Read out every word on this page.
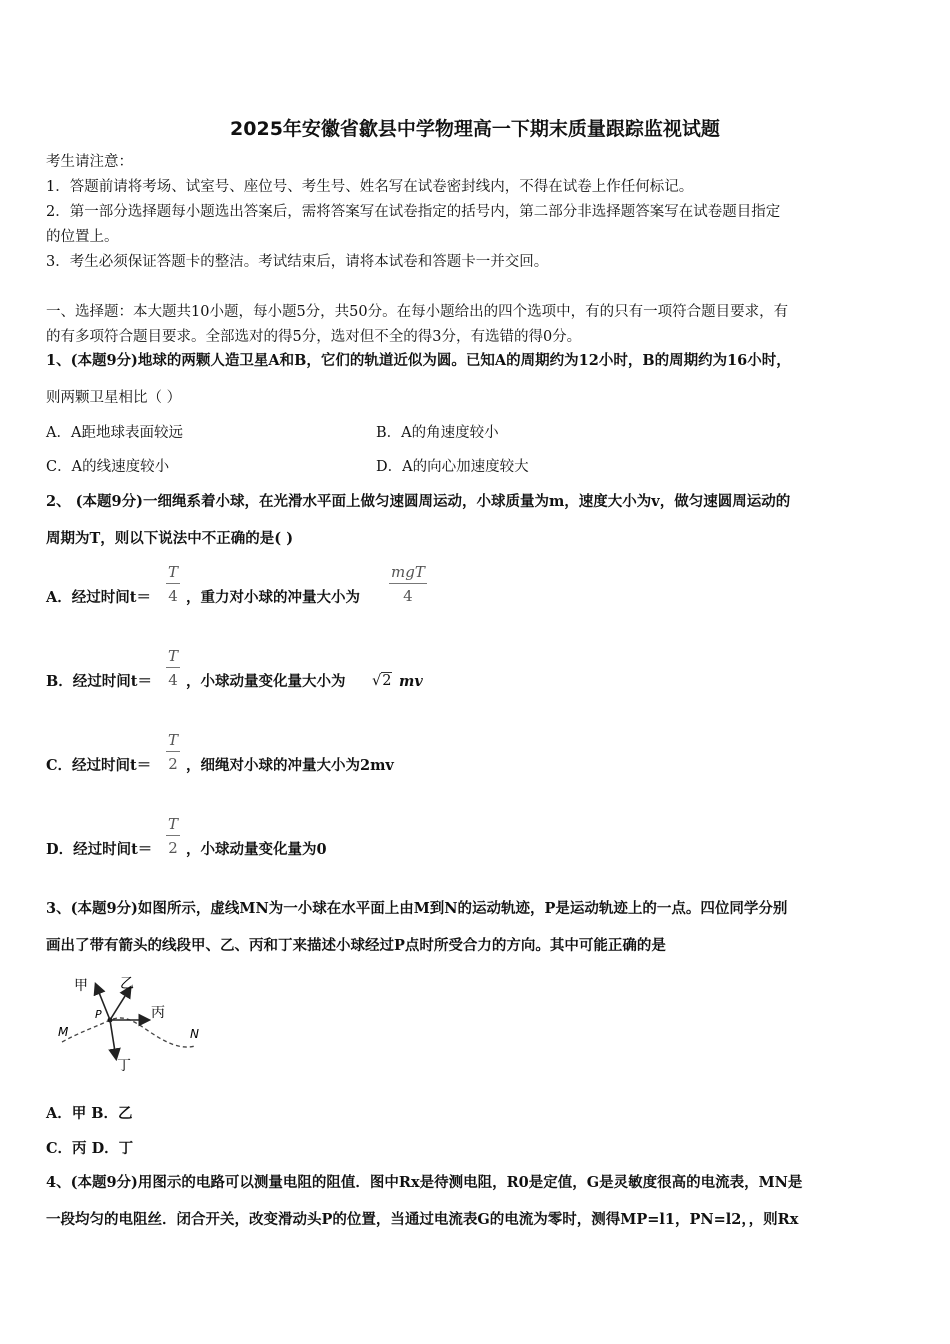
2025年安徽省歙县中学物理高一下期末质量跟踪监视试题
考生请注意：
1．答题前请将考场、试室号、座位号、考生号、姓名写在试卷密封线内，不得在试卷上作任何标记。
2．第一部分选择题每小题选出答案后，需将答案写在试卷指定的括号内，第二部分非选择题答案写在试卷题目指定
的位置上。
3．考生必须保证答题卡的整洁。考试结束后，请将本试卷和答题卡一并交回。
一、选择题：本大题共10小题，每小题5分，共50分。在每小题给出的四个选项中，有的只有一项符合题目要求，有
的有多项符合题目要求。全部选对的得5分，选对但不全的得3分，有选错的得0分。
1、(本题9分)地球的两颗人造卫星A和B，它们的轨道近似为圆。已知A的周期约为12小时，B的周期约为16小时，
则两颗卫星相比（ ）
A．A距地球表面较远	B．A的角速度较小
C．A的线速度较小	D．A的向心加速度较大
2、 (本题9分)一细绳系着小球，在光滑水平面上做匀速圆周运动，小球质量为m，速度大小为v，做匀速圆周运动的
周期为T，则以下说法中不正确的是( )
A．经过时间$t= \frac{T}{4}$ ，重力对小球的冲量大小为
mgT
4
B．经过时间$t= \frac{T}{4}$ ，小球动量变化量大小为 √2 mv
C．经过时间$t= \frac{T}{2}$ ，细绳对小球的冲量大小为2mv
D．经过时间$t= \frac{T}{2}$ ，小球动量变化量为0
3、(本题9分)如图所示，虚线MN为一小球在水平面上由M到N的运动轨迹，P是运动轨迹上的一点。四位同学分别
画出了带有箭头的线段甲、乙、丙和丁来描述小球经过P点时所受合力的方向。其中可能正确的是
甲 乙
丙
丁
P
M	N
A．甲 B．乙
C．丙 D．丁
4、(本题9分)用图示的电路可以测量电阻的阻值．图中Rx是待测电阻，R0是定值，G是灵敏度很高的电流表，MN是
一段均匀的电阻丝．闭合开关，改变滑动头P的位置，当通过电流表G的电流为零时，测得MP=l1，PN=l2，，则Rx
